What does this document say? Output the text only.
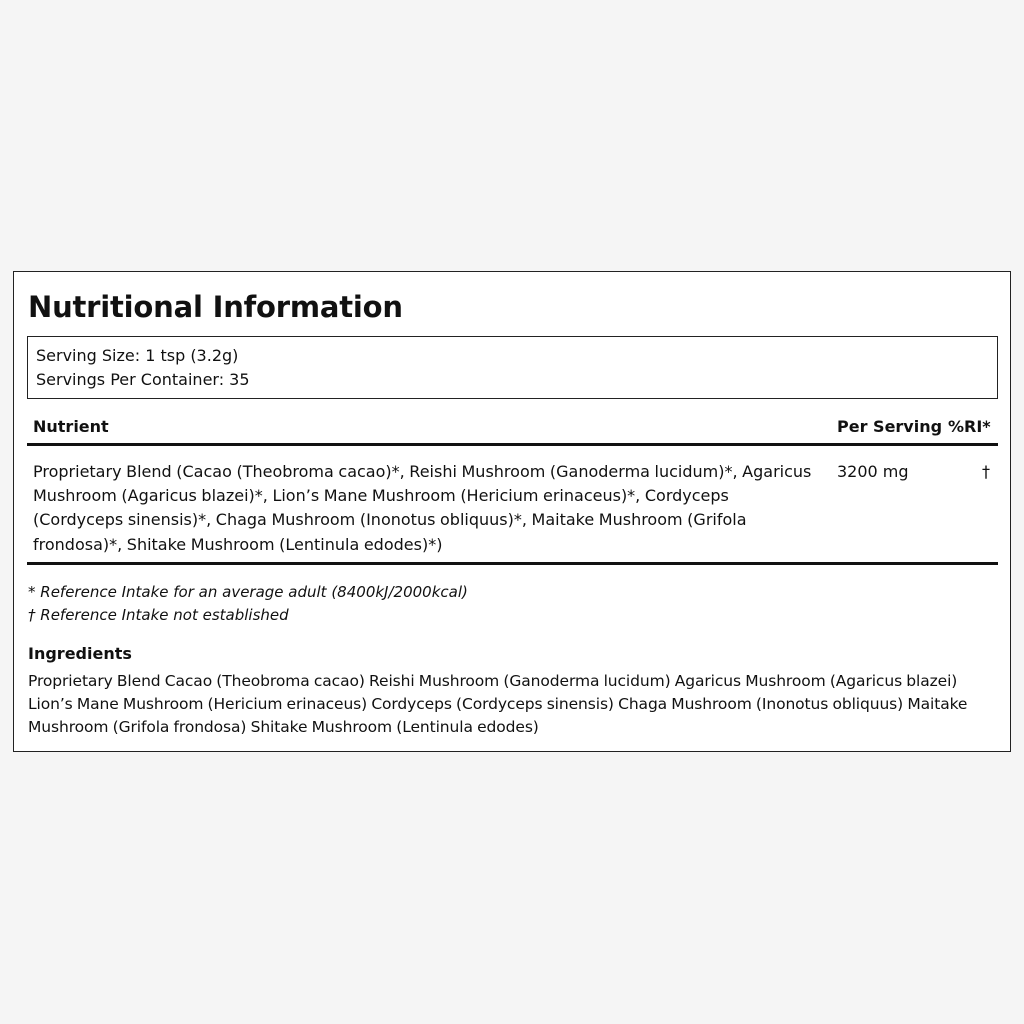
Nutritional Information
Serving Size: 1 tsp (3.2g)
Servings Per Container: 35
Nutrient	Per Serving %RI*
Proprietary Blend (Cacao (Theobroma cacao)*, Reishi Mushroom (Ganoderma lucidum)*, Agaricus Mushroom (Agaricus blazei)*, Lion’s Mane Mushroom (Hericium erinaceus)*, Cordyceps (Cordyceps sinensis)*, Chaga Mushroom (Inonotus obliquus)*, Maitake Mushroom (Grifola frondosa)*, Shitake Mushroom (Lentinula edodes)*)
3200 mg	†
* Reference Intake for an average adult (8400kJ/2000kcal)
† Reference Intake not established
Ingredients

Proprietary Blend Cacao (Theobroma cacao) Reishi Mushroom (Ganoderma lucidum) Agaricus Mushroom (Agaricus blazei) Lion’s Mane Mushroom (Hericium erinaceus) Cordyceps (Cordyceps sinensis) Chaga Mushroom (Inonotus obliquus) Maitake Mushroom (Grifola frondosa) Shitake Mushroom (Lentinula edodes)
